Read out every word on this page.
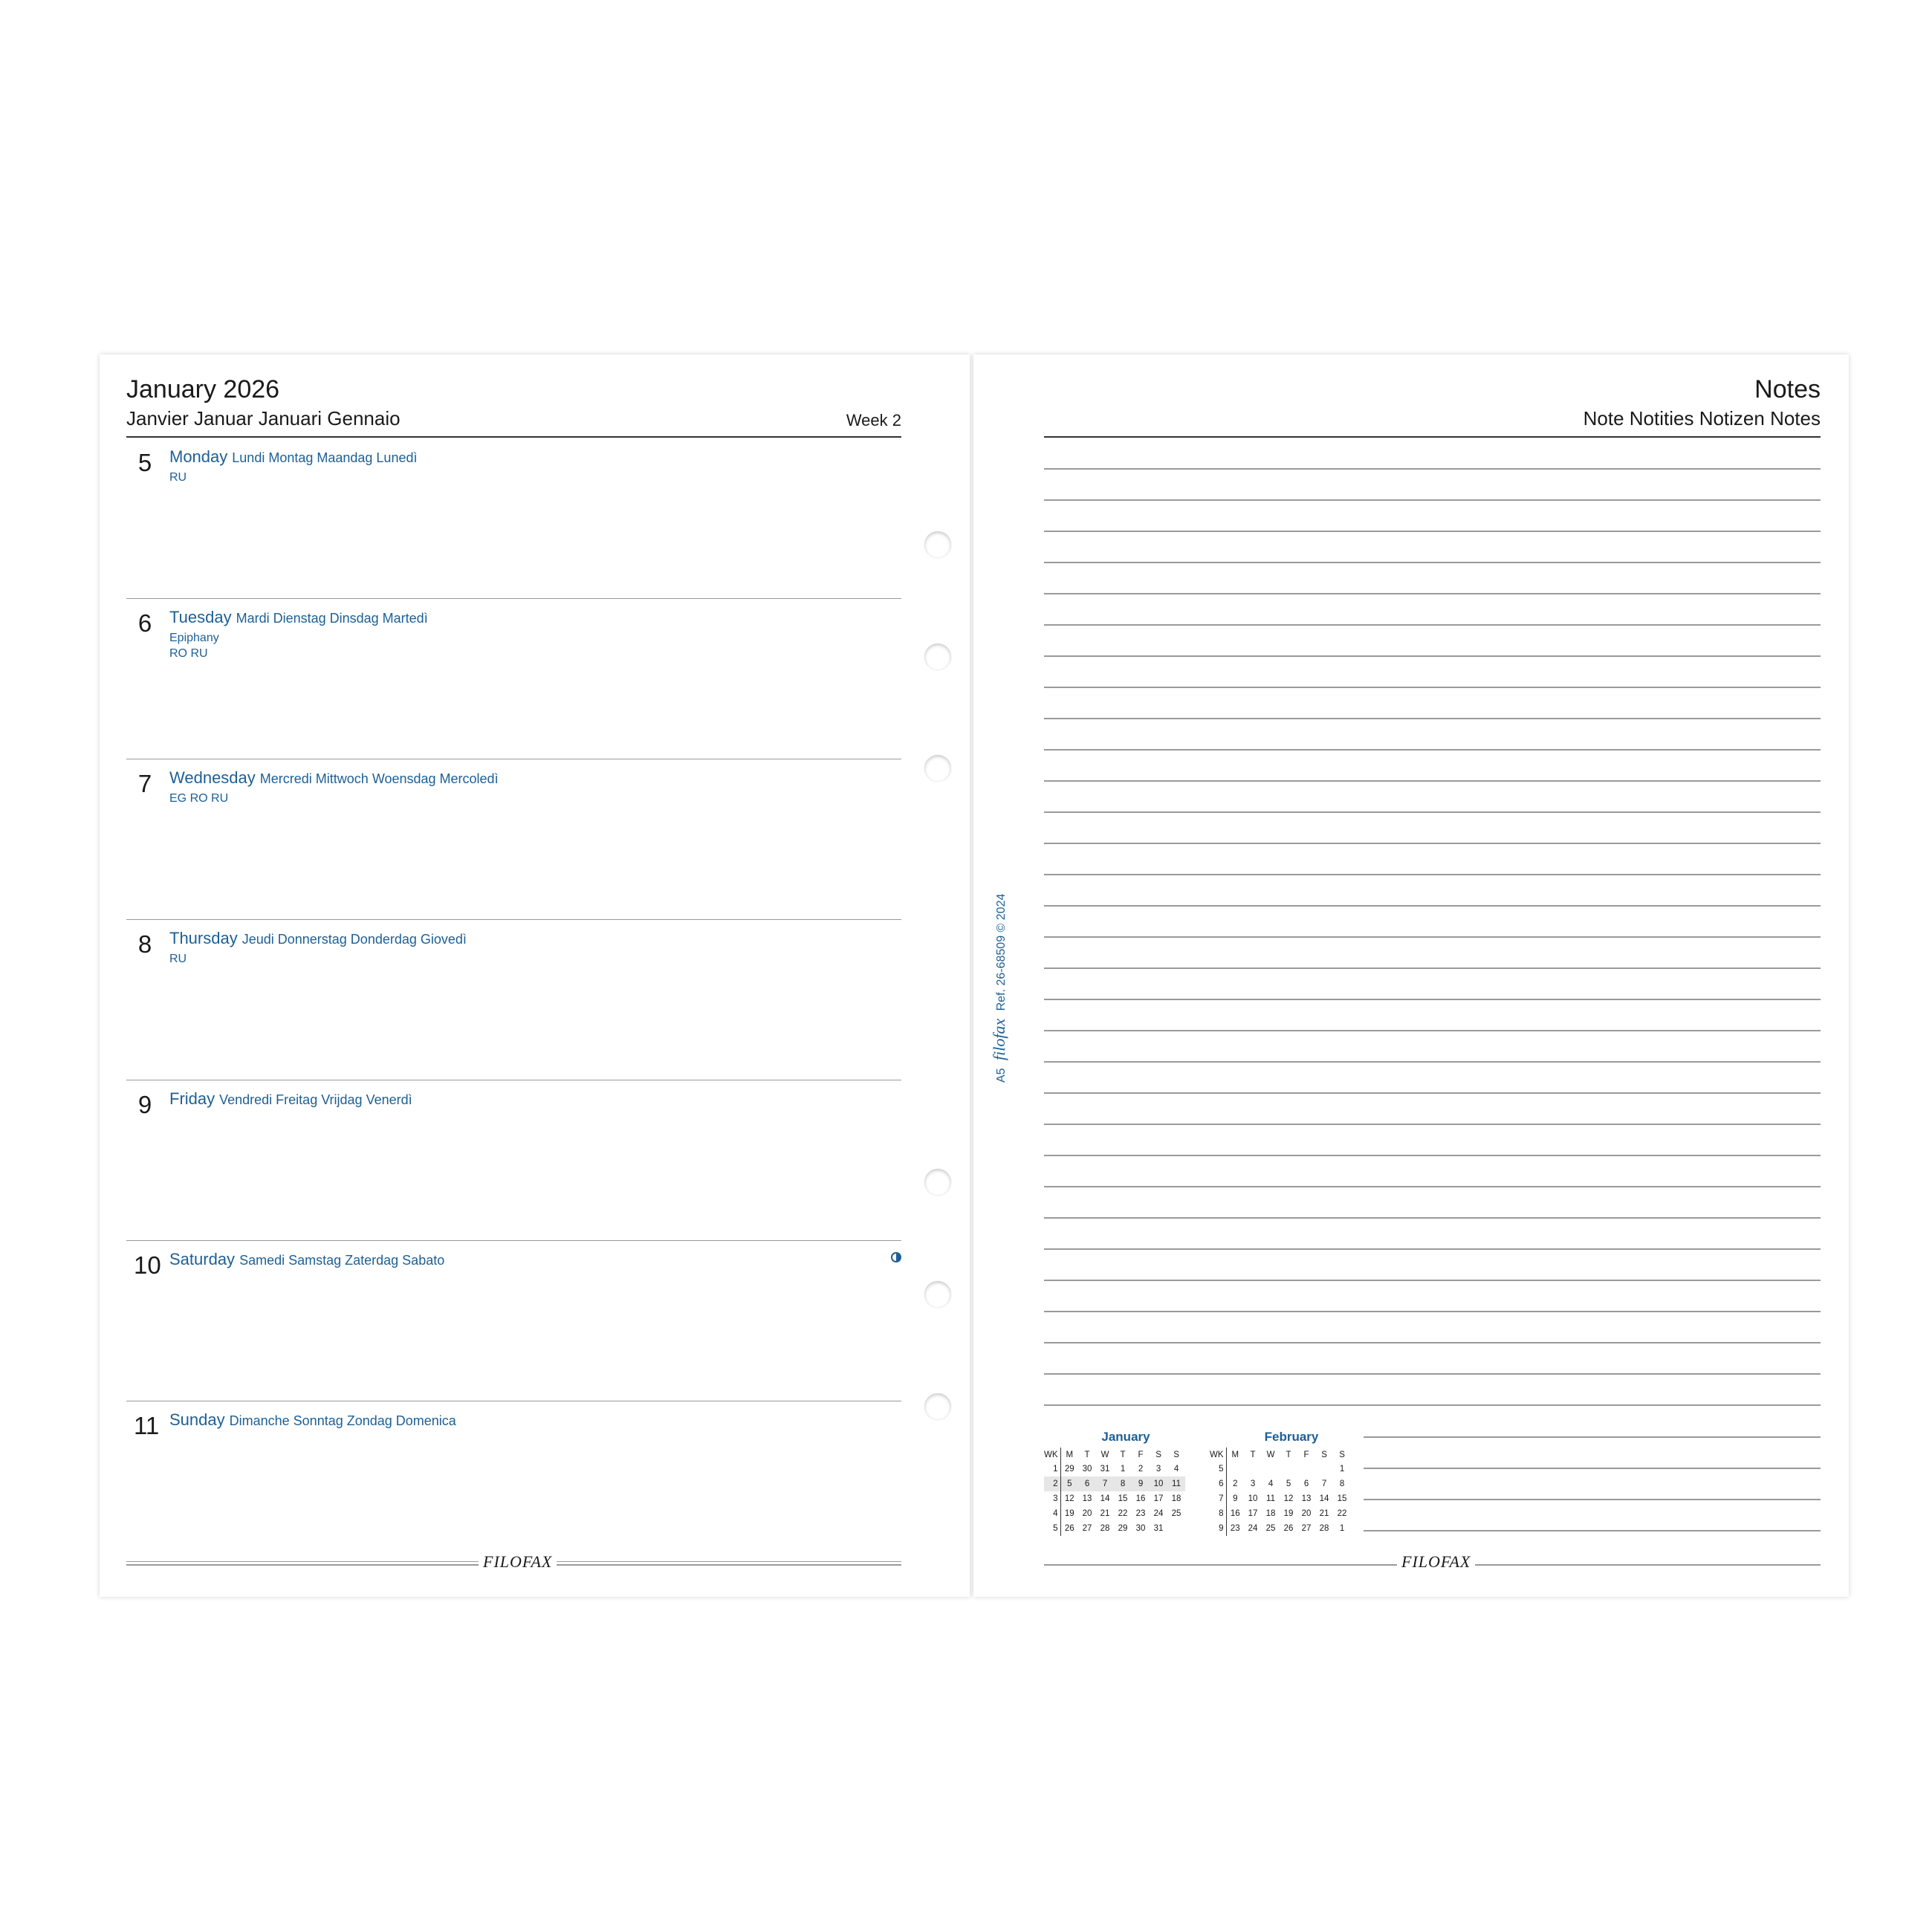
January 2026
Janvier Januar Januari Gennaio	Week 2
5 Monday Lundi Montag Maandag Lunedì
RU
6 Tuesday Mardi Dienstag Dinsdag Martedì
Epiphany
RO RU
7 Wednesday Mercredi Mittwoch Woensdag Mercoledì
EG RO RU
8 Thursday Jeudi Donnerstag Donderdag Giovedì
RU
9 Friday Vendredi Freitag Vrijdag Venerdì
10 Saturday Samedi Samstag Zaterdag Sabato
11 Sunday Dimanche Sonntag Zondag Domenica
FILOFAX
Notes
Note Notities Notizen Notes
A5 filofax Ref. 26-68509 © 2024
January
WK	M	T	W	T	F	S	S
1	29	30	31	1	2	3	4
2	5	6	7	8	9	10	11
3	12	13	14	15	16	17	18
4	19	20	21	22	23	24	25
5	26	27	28	29	30	31	
February
WK	M	T	W	T	F	S	S
5							1
6	2	3	4	5	6	7	8
7	9	10	11	12	13	14	15
8	16	17	18	19	20	21	22
9	23	24	25	26	27	28	1
FILOFAX
